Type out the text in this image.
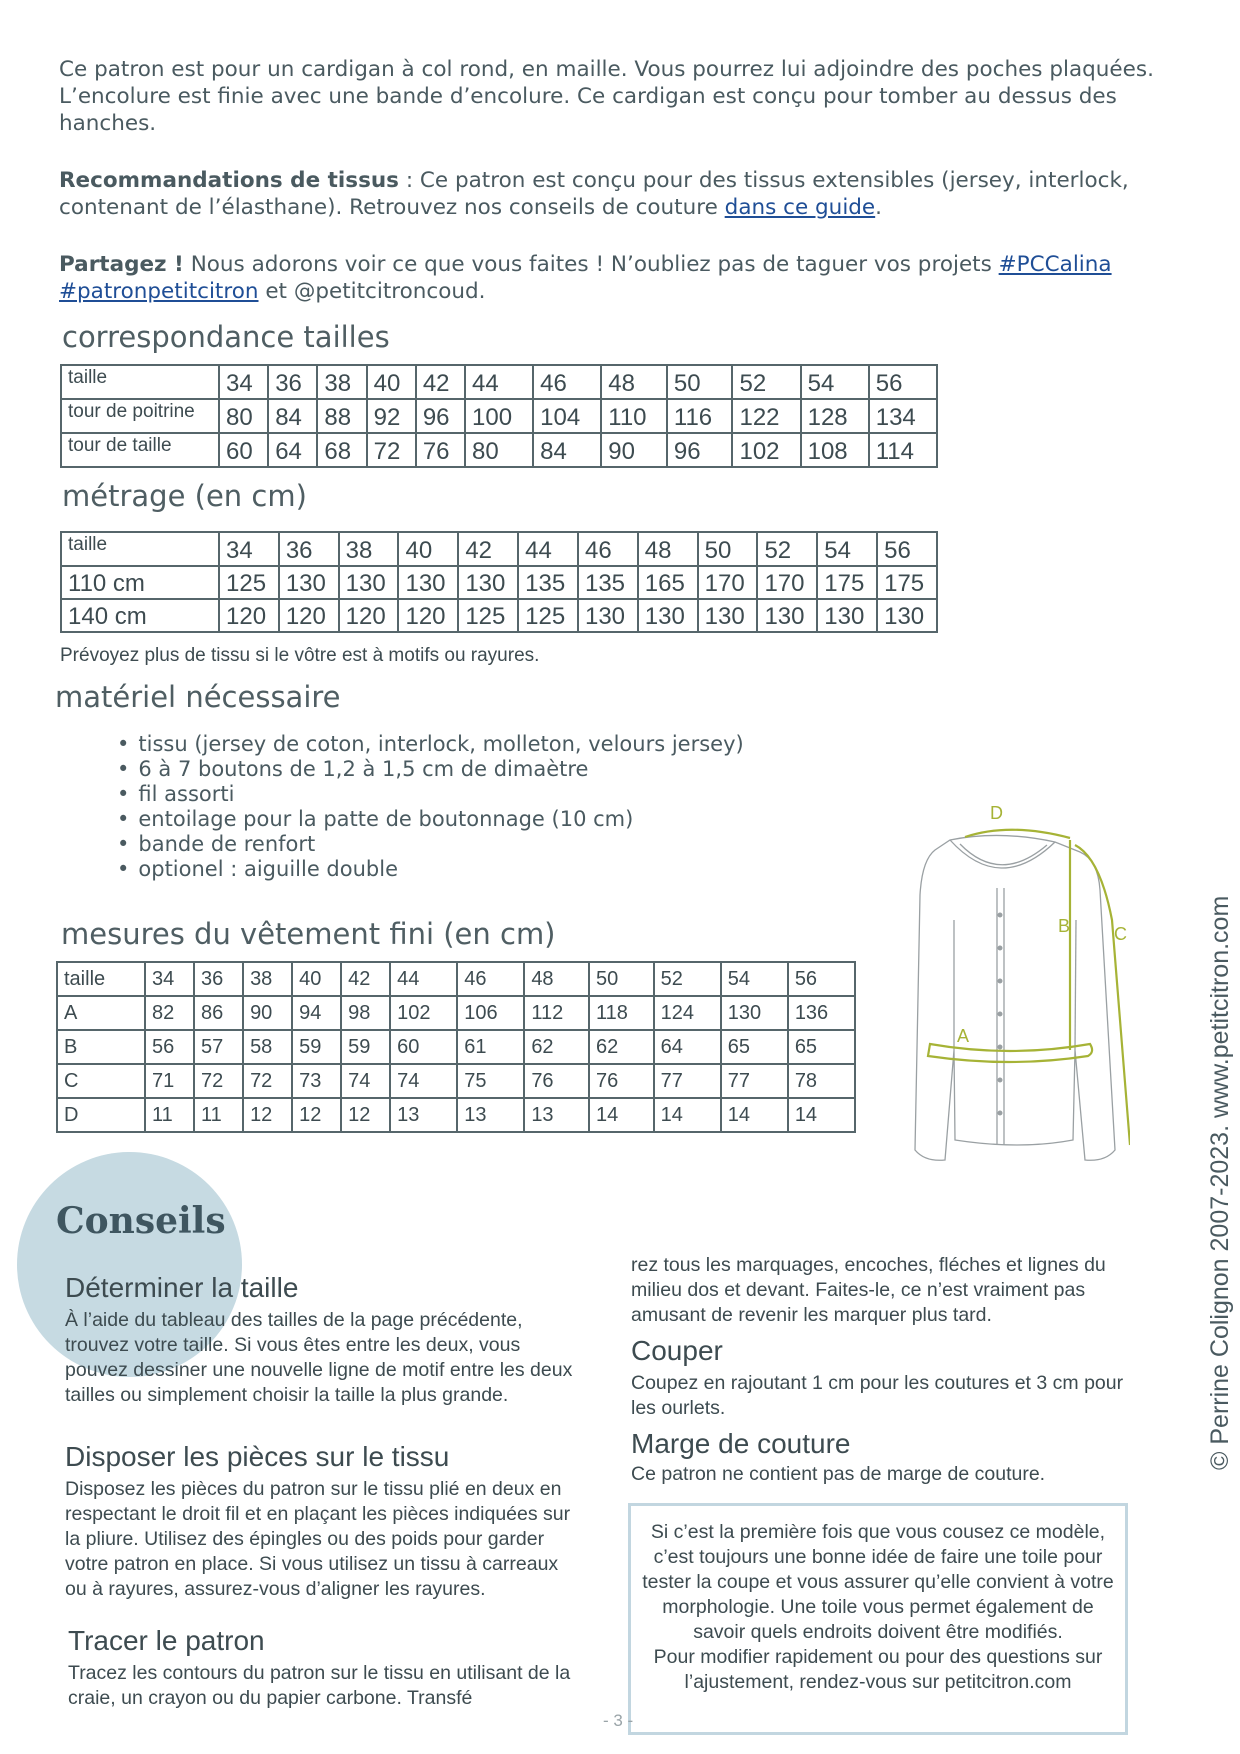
Ce patron est pour un cardigan à col rond, en maille. Vous pourrez lui adjoindre des poches plaquées. L’encolure est finie avec une bande d’encolure. Ce cardigan est conçu pour tomber au dessus des hanches.
Recommandations de tissus : Ce patron est conçu pour des tissus extensibles (jersey, interlock, contenant de l’élasthane). Retrouvez nos conseils de couture dans ce guide.
Partagez ! Nous adorons voir ce que vous faites ! N’oubliez pas de taguer vos projets #PCCalina #patronpetitcitron et @petitcitroncoud.
correspondance tailles
taille	34	36	38	40	42	44	46	48	50	52	54	56
tour de poitrine	80	84	88	92	96	100	104	110	116	122	128	134
tour de taille	60	64	68	72	76	80	84	90	96	102	108	114
métrage (en cm)
taille	34	36	38	40	42	44	46	48	50	52	54	56
110 cm	125	130	130	130	130	135	135	165	170	170	175	175
140 cm	120	120	120	120	125	125	130	130	130	130	130	130
Prévoyez plus de tissu si le vôtre est à motifs ou rayures.
matériel nécessaire
• tissu (jersey de coton, interlock, molleton, velours jersey)
• 6 à 7 boutons de 1,2 à 1,5 cm de dimaètre
• fil assorti
• entoilage pour la patte de boutonnage (10 cm)
• bande de renfort
• optionel : aiguille double
mesures du vêtement fini (en cm)
taille	34	36	38	40	42	44	46	48	50	52	54	56
A	82	86	90	94	98	102	106	112	118	124	130	136
B	56	57	58	59	59	60	61	62	62	64	65	65
C	71	72	72	73	74	74	75	76	76	77	77	78
D	11	11	12	12	12	13	13	13	14	14	14	14
D
B C
A
Conseils
Déterminer la taille
À l’aide du tableau des tailles de la page précédente, trouvez votre taille. Si vous êtes entre les deux, vous pouvez dessiner une nouvelle ligne de motif entre les deux tailles ou simplement choisir la taille la plus grande.
Disposer les pièces sur le tissu
Disposez les pièces du patron sur le tissu plié en deux en respectant le droit fil et en plaçant les pièces indiquées sur la pliure. Utilisez des épingles ou des poids pour garder votre patron en place. Si vous utilisez un tissu à carreaux ou à rayures, assurez-vous d’aligner les rayures.
Tracer le patron
Tracez les contours du patron sur le tissu en utilisant de la craie, un crayon ou du papier carbone. Transfé
rez tous les marquages, encoches, fléches et lignes du milieu dos et devant. Faites-le, ce n’est vraiment pas amusant de revenir les marquer plus tard.
Couper
Coupez en rajoutant 1 cm pour les coutures et 3 cm pour les ourlets.
Marge de couture
Ce patron ne contient pas de marge de couture.
Si c’est la première fois que vous cousez ce modèle, c’est toujours une bonne idée de faire une toile pour tester la coupe et vous assurer qu’elle convient à votre morphologie. Une toile vous permet également de savoir quels endroits doivent être modifiés.
Pour modifier rapidement ou pour des questions sur l’ajustement, rendez-vous sur petitcitron.com
- 3 -
© Perrine Colignon 2007-2023. www.petitcitron.com
